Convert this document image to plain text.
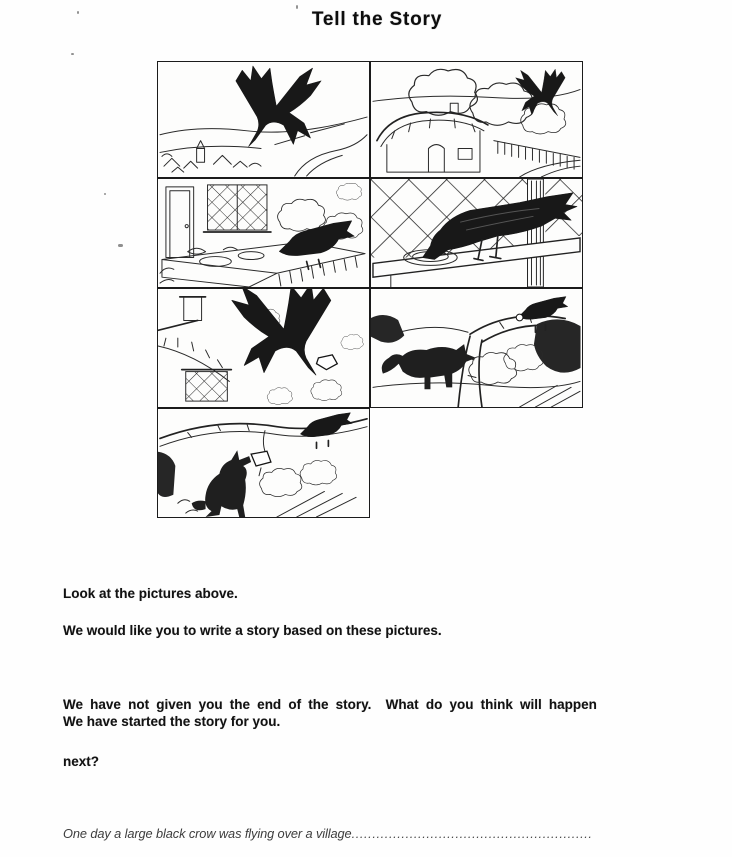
Tell the Story
Look at the pictures above.
We would like you to write a story based on these pictures.

We have not given you the end of the story.  What do you think will happen

next?

We have started the story for you.
One day a large black crow was flying over a village..........................................................
